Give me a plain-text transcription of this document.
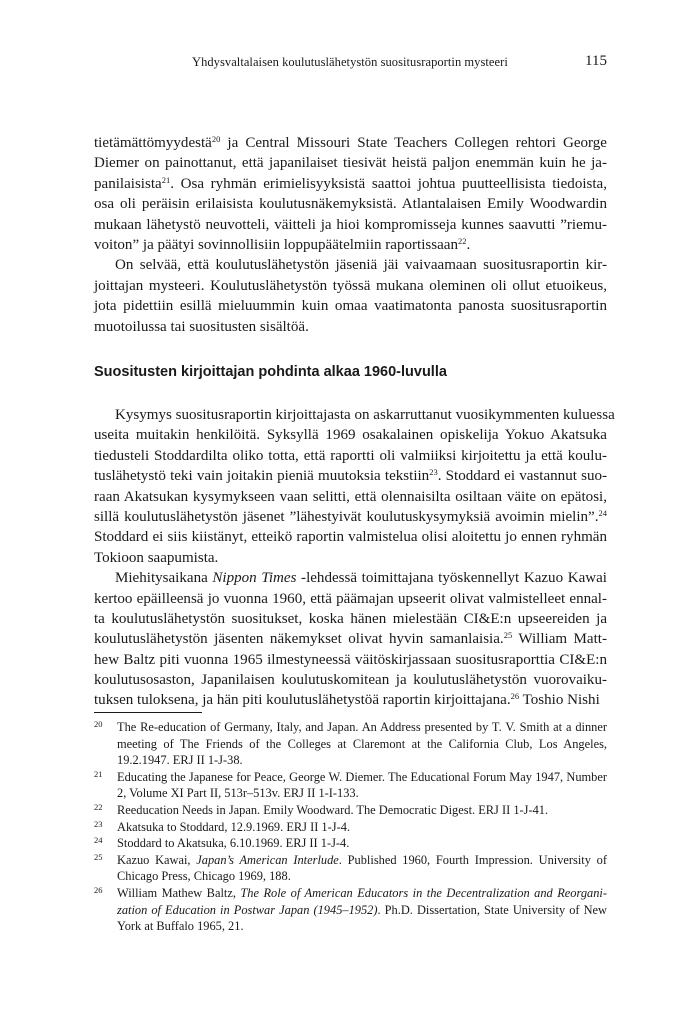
Yhdysvaltalaisen koulutuslähetystön suositusraportin mysteeri	115
tietämättömyydestä$^{20}$ ja Central Missouri State Teachers Collegen rehtori George
Diemer on painottanut, että japanilaiset tiesivät heistä paljon enemmän kuin he ja-
panilaisista$^{21}$. Osa ryhmän erimielisyyksistä saattoi johtua puutteellisista tiedoista,
osa oli peräisin erilaisista koulutusnäkemyksistä. Atlantalaisen Emily Woodwardin
mukaan lähetystö neuvotteli, väitteli ja hioi kompromisseja kunnes saavutti ”riemu-
voiton” ja päätyi sovinnollisiin loppupäätelmiin raportissaan$^{22}$.
On selvää, että koulutuslähetystön jäseniä jäi vaivaamaan suositusraportin kir-
joittajan mysteeri. Koulutuslähetystön työssä mukana oleminen oli ollut etuoikeus,
jota pidettiin esillä mieluummin kuin omaa vaatimatonta panosta suositusraportin
muotoilussa tai suositusten sisältöä.
Suositusten kirjoittajan pohdinta alkaa 1960-luvulla
Kysymys suositusraportin kirjoittajasta on askarruttanut vuosikymmenten kuluessa
useita muitakin henkilöitä. Syksyllä 1969 osakalainen opiskelija Yokuo Akatsuka
tiedusteli Stoddardilta oliko totta, että raportti oli valmiiksi kirjoitettu ja että koulu-
tuslähetystö teki vain joitakin pieniä muutoksia tekstiin$^{23}$. Stoddard ei vastannut suo-
raan Akatsukan kysymykseen vaan selitti, että olennaisilta osiltaan väite on epätosi,
sillä koulutuslähetystön jäsenet ”lähestyivät koulutuskysymyksiä avoimin mielin”.$^{24}$
Stoddard ei siis kiistänyt, etteikö raportin valmistelua olisi aloitettu jo ennen ryhmän
Tokioon saapumista.
Miehitysaikana Nippon Times -lehdessä toimittajana työskennellyt Kazuo Kawai
kertoo epäilleensä jo vuonna 1960, että päämajan upseerit olivat valmistelleet ennal-
ta koulutuslähetystön suositukset, koska hänen mielestään CI&E:n upseereiden ja
koulutuslähetystön jäsenten näkemykset olivat hyvin samanlaisia.$^{25}$ William Matt-
hew Baltz piti vuonna 1965 ilmestyneessä väitöskirjassaan suositusraporttia CI&E:n
koulutusosaston, Japanilaisen koulutuskomitean ja koulutuslähetystön vuorovaiku-
tuksen tuloksena, ja hän piti koulutuslähetystöä raportin kirjoittajana.$^{26}$ Toshio Nishi
20 The Re-education of Germany, Italy, and Japan. An Address presented by T. V. Smith at a dinner
meeting of The Friends of the Colleges at Claremont at the California Club, Los Angeles,
19.2.1947. ERJ II 1-J-38.
21 Educating the Japanese for Peace, George W. Diemer. The Educational Forum May 1947, Number
2, Volume XI Part II, 513r–513v. ERJ II 1-I-133.
22 Reeducation Needs in Japan. Emily Woodward. The Democratic Digest. ERJ II 1-J-41.
23 Akatsuka to Stoddard, 12.9.1969. ERJ II 1-J-4.
24 Stoddard to Akatsuka, 6.10.1969. ERJ II 1-J-4.
25 Kazuo Kawai, Japan’s American Interlude. Published 1960, Fourth Impression. University of
Chicago Press, Chicago 1969, 188.
26 William Mathew Baltz, The Role of American Educators in the Decentralization and Reorgani-
zation of Education in Postwar Japan (1945–1952). Ph.D. Dissertation, State University of New
York at Buffalo 1965, 21.
